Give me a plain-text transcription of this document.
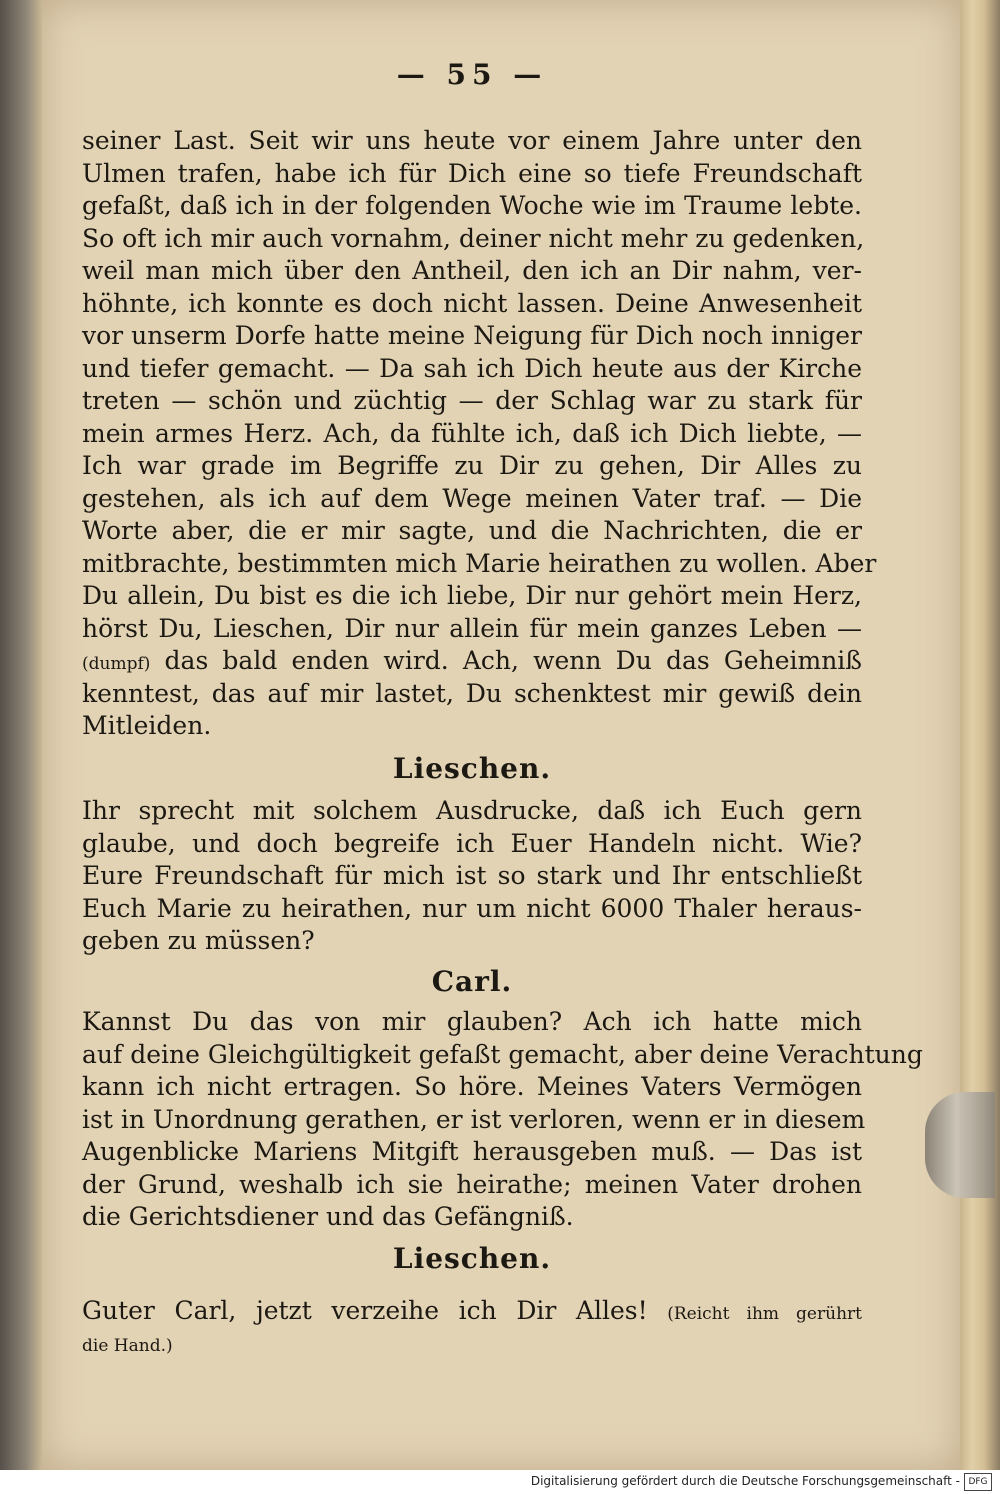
— 55 —
seiner Last. Seit wir uns heute vor einem Jahre unter den
Ulmen trafen, habe ich für Dich eine so tiefe Freundschaft
gefaßt, daß ich in der folgenden Woche wie im Traume lebte.
So oft ich mir auch vornahm, deiner nicht mehr zu gedenken,
weil man mich über den Antheil, den ich an Dir nahm, ver-
höhnte, ich konnte es doch nicht lassen. Deine Anwesenheit
vor unserm Dorfe hatte meine Neigung für Dich noch inniger
und tiefer gemacht. — Da sah ich Dich heute aus der Kirche
treten — schön und züchtig — der Schlag war zu stark für
mein armes Herz. Ach, da fühlte ich, daß ich Dich liebte, —
Ich war grade im Begriffe zu Dir zu gehen, Dir Alles zu
gestehen, als ich auf dem Wege meinen Vater traf. — Die
Worte aber, die er mir sagte, und die Nachrichten, die er
mitbrachte, bestimmten mich Marie heirathen zu wollen. Aber
Du allein, Du bist es die ich liebe, Dir nur gehört mein Herz,
hörst Du, Lieschen, Dir nur allein für mein ganzes Leben —
(dumpf) das bald enden wird. Ach, wenn Du das Geheimniß
kenntest, das auf mir lastet, Du schenktest mir gewiß dein
Mitleiden.
Lieschen.
Ihr sprecht mit solchem Ausdrucke, daß ich Euch gern
glaube, und doch begreife ich Euer Handeln nicht. Wie?
Eure Freundschaft für mich ist so stark und Ihr entschließt
Euch Marie zu heirathen, nur um nicht 6000 Thaler heraus-
geben zu müssen?
Carl.
Kannst Du das von mir glauben? Ach ich hatte mich
auf deine Gleichgültigkeit gefaßt gemacht, aber deine Verachtung
kann ich nicht ertragen. So höre. Meines Vaters Vermögen
ist in Unordnung gerathen, er ist verloren, wenn er in diesem
Augenblicke Mariens Mitgift herausgeben muß. — Das ist
der Grund, weshalb ich sie heirathe; meinen Vater drohen
die Gerichtsdiener und das Gefängniß.
Lieschen.
Guter Carl, jetzt verzeihe ich Dir Alles! (Reicht ihm gerührt
die Hand.)
Digitalisierung gefördert durch die Deutsche Forschungsgemeinschaft - DFG
